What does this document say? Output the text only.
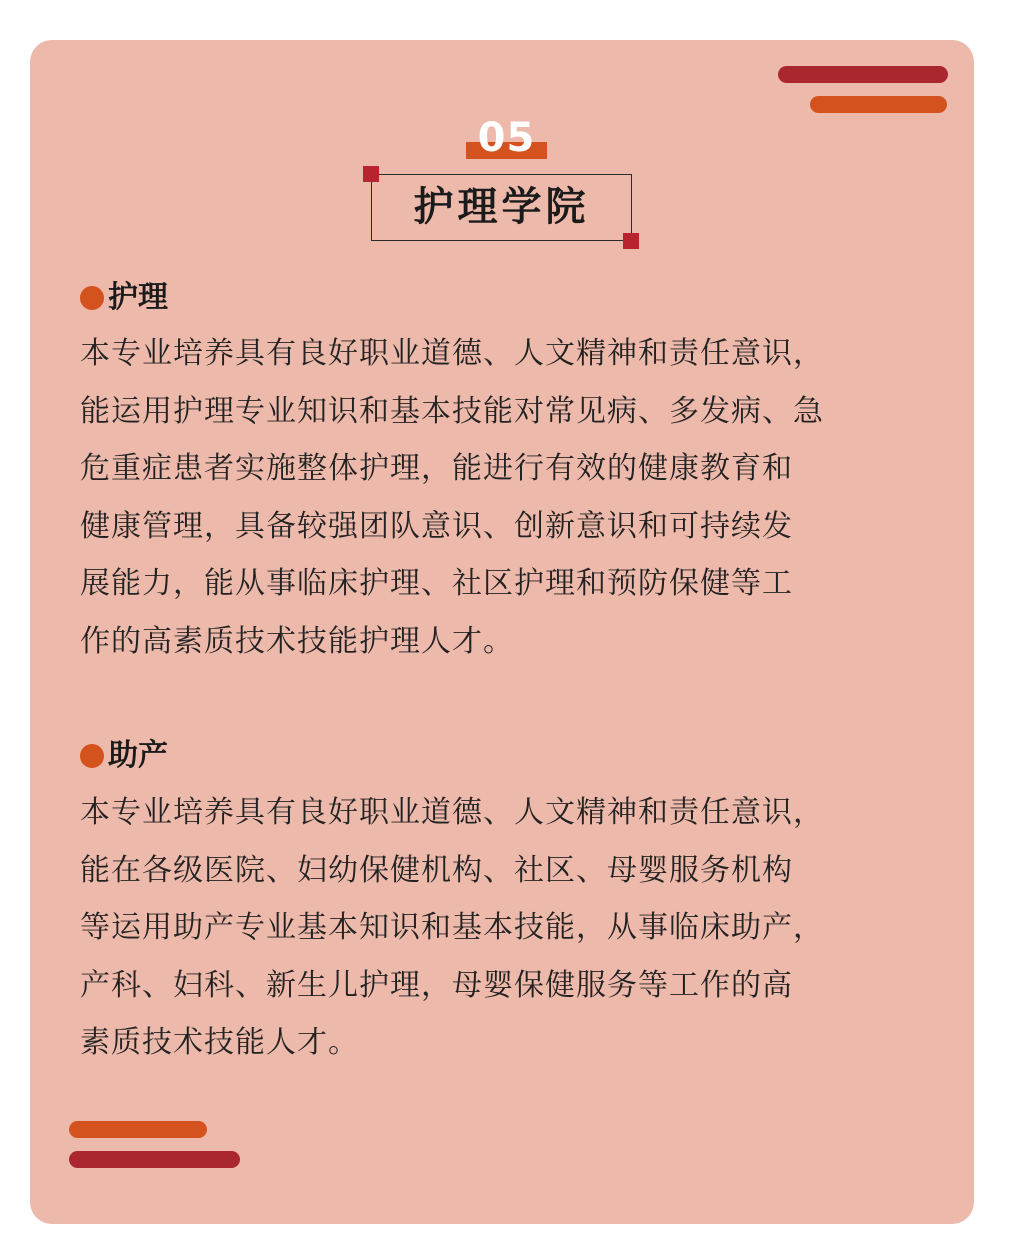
05
护理学院
护理
本专业培养具有良好职业道德、人文精神和责任意识，
能运用护理专业知识和基本技能对常见病、多发病、急
危重症患者实施整体护理，能进行有效的健康教育和
健康管理，具备较强团队意识、创新意识和可持续发
展能力，能从事临床护理、社区护理和预防保健等工
作的高素质技术技能护理人才。
助产
本专业培养具有良好职业道德、人文精神和责任意识，
能在各级医院、妇幼保健机构、社区、母婴服务机构
等运用助产专业基本知识和基本技能，从事临床助产，
产科、妇科、新生儿护理，母婴保健服务等工作的高
素质技术技能人才。
